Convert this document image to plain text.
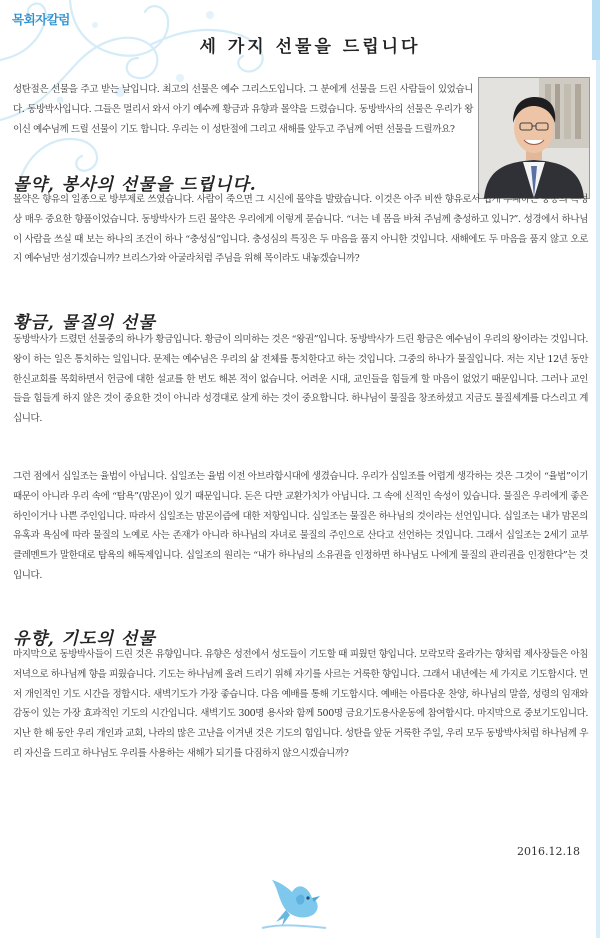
목회자칼럼
세 가지 선물을 드립니다

성탄절은 선물을 주고 받는 날입니다. 최고의 선물은 예수 그리스도입니다. 그 분에게 선물을 드린 사람들이 있었습니다. 동방박사입니다. 그들은 멀리서 와서 아기 예수께 황금과 유향과 몰약을 드렸습니다. 동방박사의 선물은 우리가 왕이신 예수님께 드릴 선물이 기도 합니다. 우리는 이 성탄절에 그리고 새해를 앞두고 주님께 어떤 선물을 드릴까요?

몰약, 봉사의 선물을 드립니다.

몰약은 향유의 일종으로 방부제로 쓰였습니다. 사람이 죽으면 그 시신에 몰약을 발랐습니다. 이것은 아주 비싼 향유로서 쉽게 부패하는 중동의 특성상 매우 중요한 향품이었습니다. 동방박사가 드린 몰약은 우리에게 이렇게 묻습니다. “너는 네 몸을 바쳐 주님께 충성하고 있니?”. 성경에서 하나님이 사람을 쓰실 때 보는 하나의 조건이 하나 “충성심”입니다. 충성심의 특징은 두 마음을 품지 아니한 것입니다. 새해에도 두 마음을 품지 않고 오로지 예수님만 섬기겠습니까? 브리스가와 아굴라처럼 주님을 위해 목이라도 내놓겠습니까?

황금, 물질의 선물

동방박사가 드렸던 선물중의 하나가 황금입니다. 황금이 의미하는 것은 “왕권”입니다. 동방박사가 드린 황금은 예수님이 우리의 왕이라는 것입니다. 왕이 하는 일은 통치하는 일입니다. 문제는 예수님은 우리의 삶 전체를 통치한다고 하는 것입니다. 그중의 하나가 물질입니다. 저는 지난 12년 동안 한신교회를 목회하면서 헌금에 대한 설교를 한 번도 해본 적이 없습니다. 어려운 시대, 교인들을 힘들게 할 마음이 없었기 때문입니다. 그러나 교인들을 힘들게 하지 않은 것이 중요한 것이 아니라 성경대로 살게 하는 것이 중요합니다. 하나님이 물질을 창조하셨고 지금도 물질세계를 다스리고 계십니다.

그런 점에서 십일조는 율법이 아닙니다. 십일조는 율법 이전 아브라함시대에 생겼습니다. 우리가 십일조를 어렵게 생각하는 것은 그것이 “율법”이기 때문이 아니라 우리 속에 “탐욕”(맘몬)이 있기 때문입니다. 돈은 다만 교환가치가 아닙니다. 그 속에 신적인 속성이 있습니다. 물질은 우리에게 좋은 하인이거나 나쁜 주인입니다. 따라서 십일조는 맘몬이즘에 대한 저항입니다. 십일조는 물질은 하나님의 것이라는 선언입니다. 십일조는 내가 맘몬의 유혹과 욕심에 따라 물질의 노예로 사는 존재가 아니라 하나님의 자녀로 물질의 주인으로 산다고 선언하는 것입니다. 그래서 십일조는 2세기 교부 클레멘트가 말한대로 탐욕의 해독제입니다. 십일조의 원리는 “내가 하나님의 소유권을 인정하면 하나님도 나에게 물질의 관리권을 인정한다”는 것입니다.

유향, 기도의 선물

마지막으로 동방박사들이 드린 것은 유향입니다. 유향은 성전에서 성도들이 기도할 때 피웠던 향입니다. 모락모락 올라가는 향처럼 제사장들은 아침 저녁으로 하나님께 향을 피웠습니다. 기도는 하나님께 올려 드리기 위해 자기를 사르는 거룩한 향입니다. 그래서 내년에는 세 가지로 기도합시다. 먼저 개인적인 기도 시간을 정합시다. 새벽기도가 가장 좋습니다. 다음 예배를 통해 기도합시다. 예배는 아름다운 찬양, 하나님의 말씀, 성령의 임재와 감동이 있는 가장 효과적인 기도의 시간입니다. 새벽기도 300명 용사와 함께 500명 금요기도용사운동에 참여합시다. 마지막으로 중보기도입니다. 지난 한 해 동안 우리 개인과 교회, 나라의 많은 고난을 이겨낸 것은 기도의 힘입니다. 성탄을 앞둔 거룩한 주일, 우리 모두 동방박사처럼 하나님께 우리 자신을 드리고 하나님도 우리를 사용하는 새해가 되기를 다짐하지 않으시겠습니까?

2016.12.18
